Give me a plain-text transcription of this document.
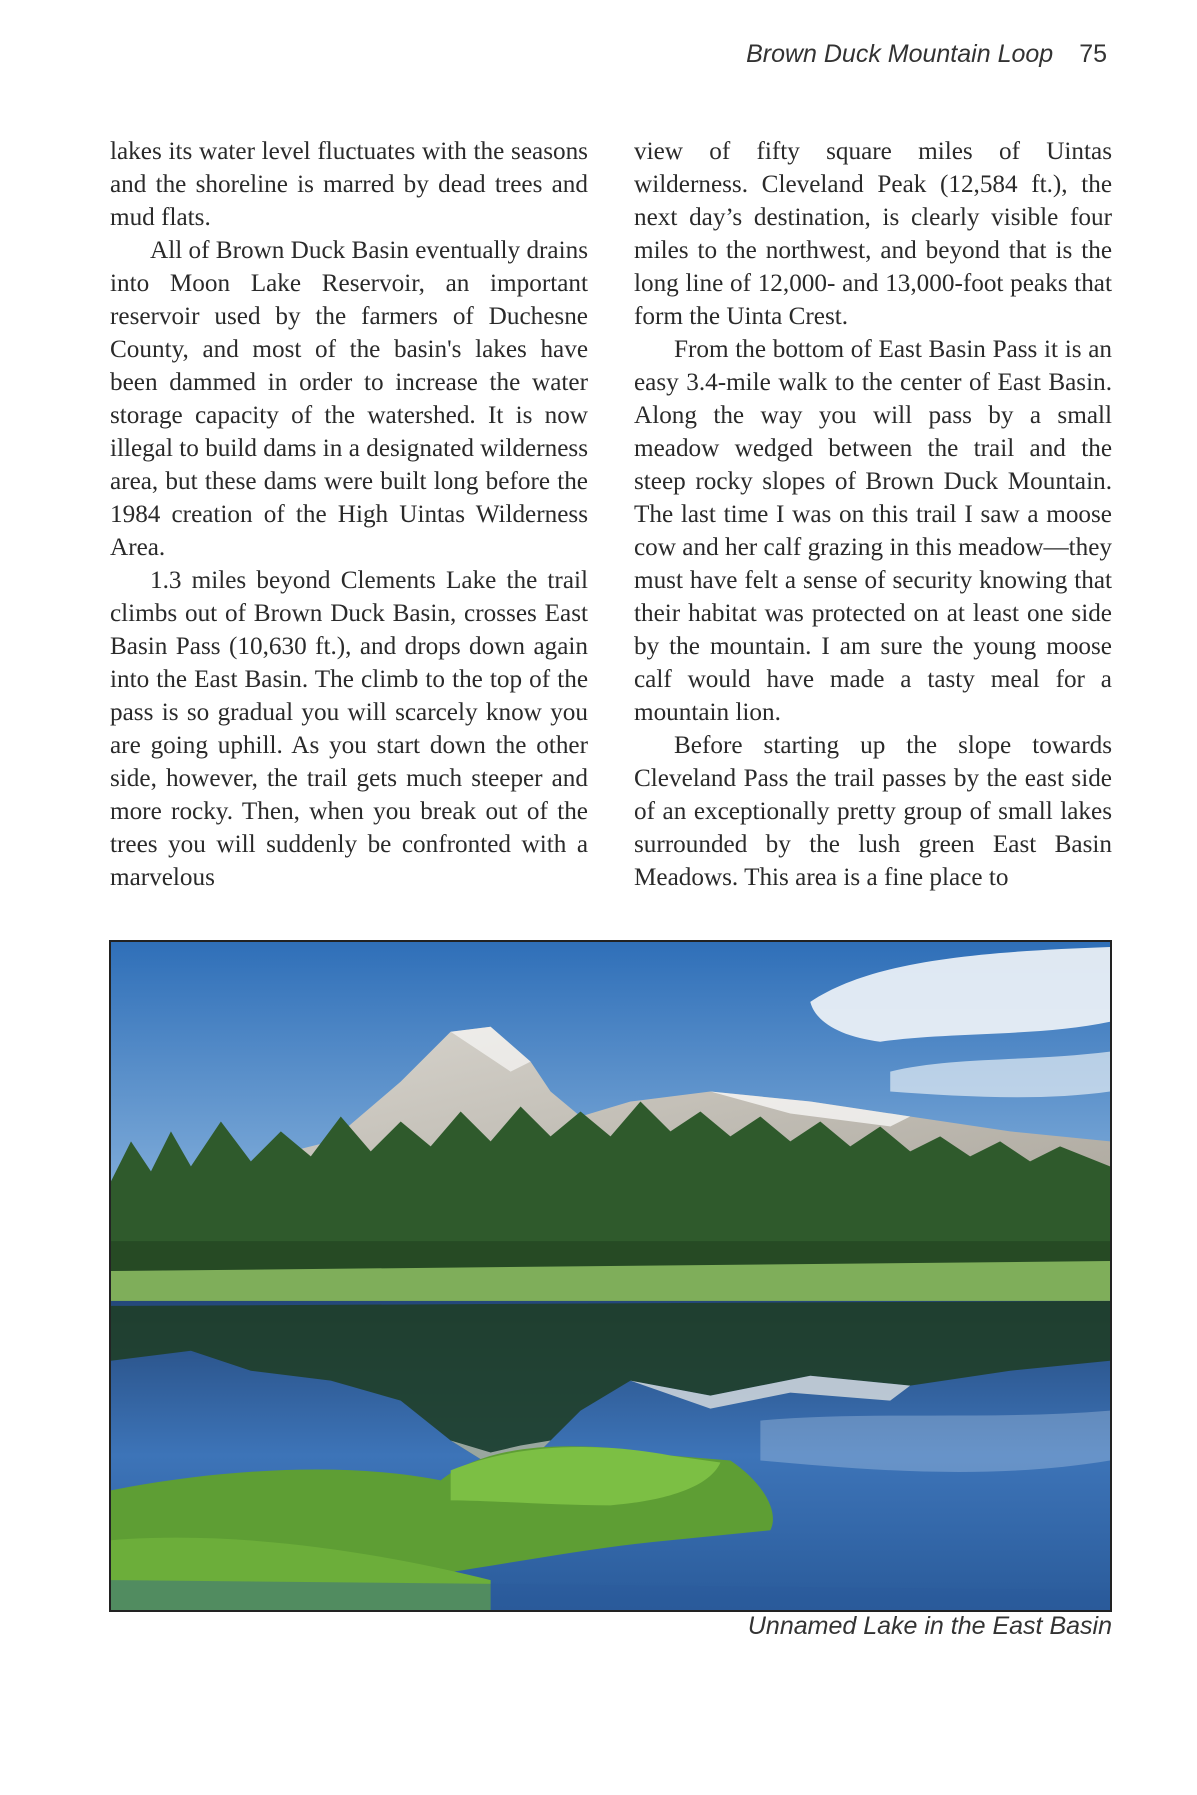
Brown Duck Mountain Loop 75

lakes its water level fluctuates with the seasons and the shoreline is marred by dead trees and mud flats.

All of Brown Duck Basin eventually drains into Moon Lake Reservoir, an important reservoir used by the farmers of Duchesne County, and most of the basin's lakes have been dammed in order to increase the water storage capacity of the watershed. It is now illegal to build dams in a designated wilderness area, but these dams were built long before the 1984 creation of the High Uintas Wilderness Area.

1.3 miles beyond Clements Lake the trail climbs out of Brown Duck Basin, crosses East Basin Pass (10,630 ft.), and drops down again into the East Basin. The climb to the top of the pass is so gradual you will scarcely know you are going uphill. As you start down the other side, however, the trail gets much steeper and more rocky. Then, when you break out of the trees you will suddenly be confronted with a marvelous

view of fifty square miles of Uintas wilderness. Cleveland Peak (12,584 ft.), the next day’s destination, is clearly visible four miles to the northwest, and beyond that is the long line of 12,000- and 13,000-foot peaks that form the Uinta Crest.

From the bottom of East Basin Pass it is an easy 3.4-mile walk to the center of East Basin. Along the way you will pass by a small meadow wedged between the trail and the steep rocky slopes of Brown Duck Mountain. The last time I was on this trail I saw a moose cow and her calf grazing in this meadow—they must have felt a sense of security knowing that their habitat was protected on at least one side by the mountain. I am sure the young moose calf would have made a tasty meal for a mountain lion.

Before starting up the slope towards Cleveland Pass the trail passes by the east side of an exceptionally pretty group of small lakes surrounded by the lush green East Basin Meadows. This area is a fine place to

Unnamed Lake in the East Basin
